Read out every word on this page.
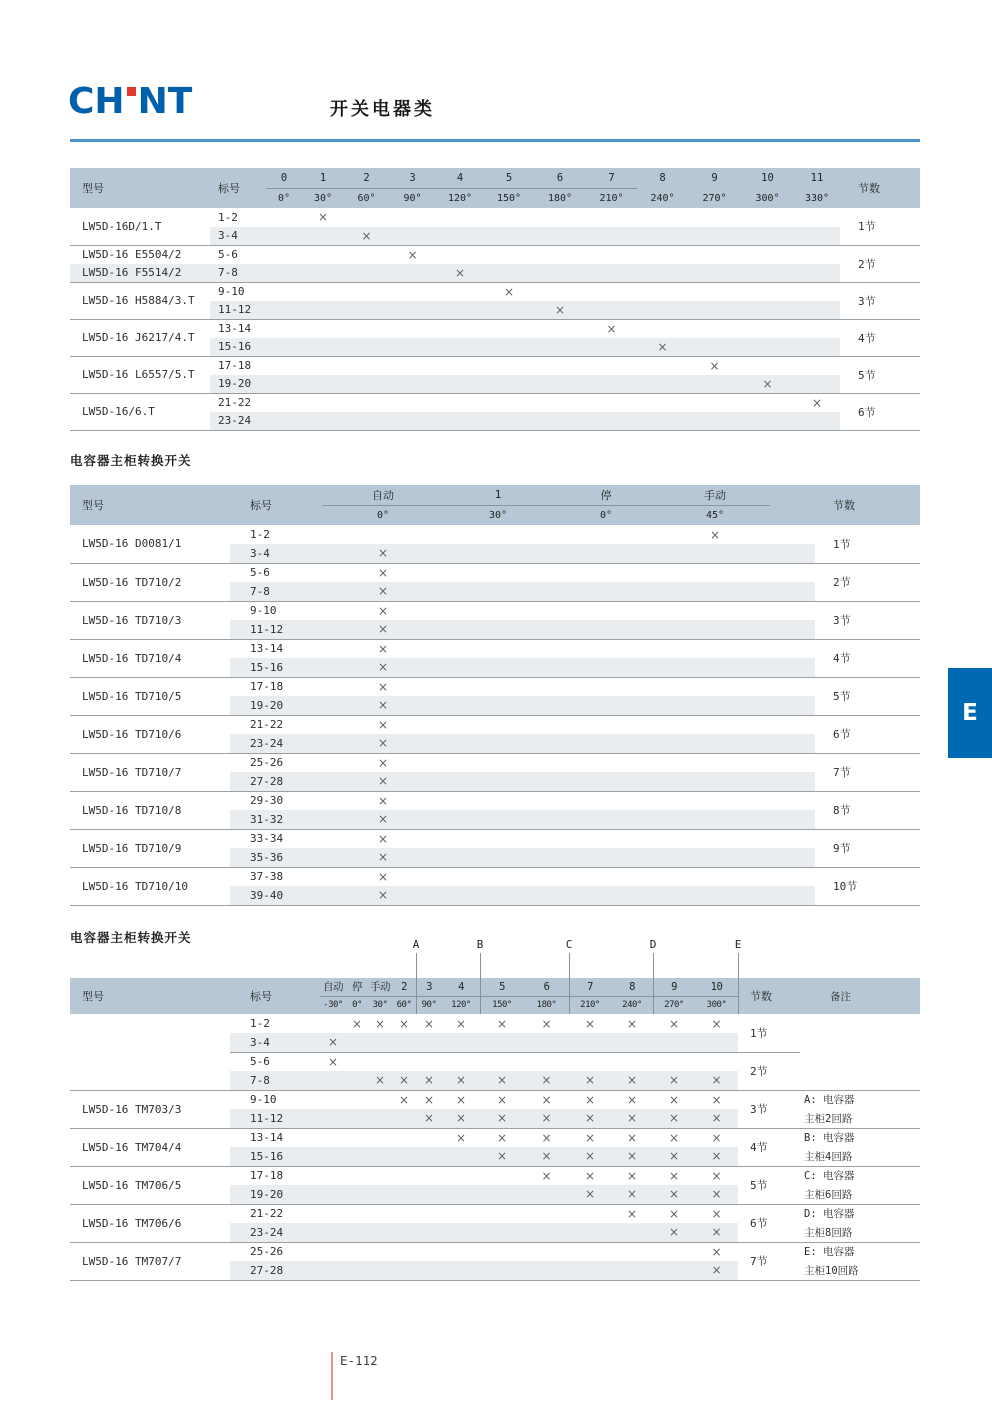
CH NT	开关电器类
型号	标号	0	1	2	3	4	5	6	7	8	9	10	11	节数
		0°	30°	60°	90°	120°	150°	180°	210°	240°	270°	300°	330°	
LW5D-16D/1.T	1-2		×											1节
	3-4			×										
LW5D-16 E5504/2	5-6				×									2节
LW5D-16 F5514/2	7-8					×								
LW5D-16 H5884/3.T	9-10						×							3节
	11-12							×						
LW5D-16 J6217/4.T	13-14								×					4节
	15-16									×				
LW5D-16 L6557/5.T	17-18										×			5节
	19-20											×		
LW5D-16/6.T	21-22												×	6节
	23-24													
电容器主柜转换开关
型号	标号	自动	1	停	手动		节数
		0°	30°	0°	45°		
LW5D-16 D0081/1	1-2				×		1节
	3-4	×					
LW5D-16 TD710/2	5-6	×					2节
	7-8	×					
LW5D-16 TD710/3	9-10	×					3节
	11-12	×					
LW5D-16 TD710/4	13-14	×					4节
	15-16	×					
LW5D-16 TD710/5	17-18	×					5节
	19-20	×					
LW5D-16 TD710/6	21-22	×					6节
	23-24	×					
LW5D-16 TD710/7	25-26	×					7节
	27-28	×					
LW5D-16 TD710/8	29-30	×					8节
	31-32	×					
LW5D-16 TD710/9	33-34	×					9节
	35-36	×					
LW5D-16 TD710/10	37-38	×					10节
	39-40	×					
电容器主柜转换开关
型号	标号	自动	停	手动	2	3	4	5	6	7	8	9	10	节数	备注
		-30°	0°	30°	60°	90°	120°	150°	180°	210°	240°	270°	300°		
	1-2		×	×	×	×	×	×	×	×	×	×	×	1节	
	3-4	×													
	5-6	×												2节	
	7-8			×	×	×	×	×	×	×	×	×	×		
LW5D-16 TM703/3	9-10				×	×	×	×	×	×	×	×	×	3节	A: 电容器
	11-12					×	×	×	×	×	×	×	×		主柜2回路
LW5D-16 TM704/4	13-14						×	×	×	×	×	×	×	4节	B: 电容器
	15-16							×	×	×	×	×	×		主柜4回路
LW5D-16 TM706/5	17-18								×	×	×	×	×	5节	C: 电容器
	19-20									×	×	×	×		主柜6回路
LW5D-16 TM706/6	21-22										×	×	×	6节	D: 电容器
	23-24											×	×		主柜8回路
LW5D-16 TM707/7	25-26												×	7节	E: 电容器
	27-28												×		主柜10回路
A	B	C	D	E
E
E-112
